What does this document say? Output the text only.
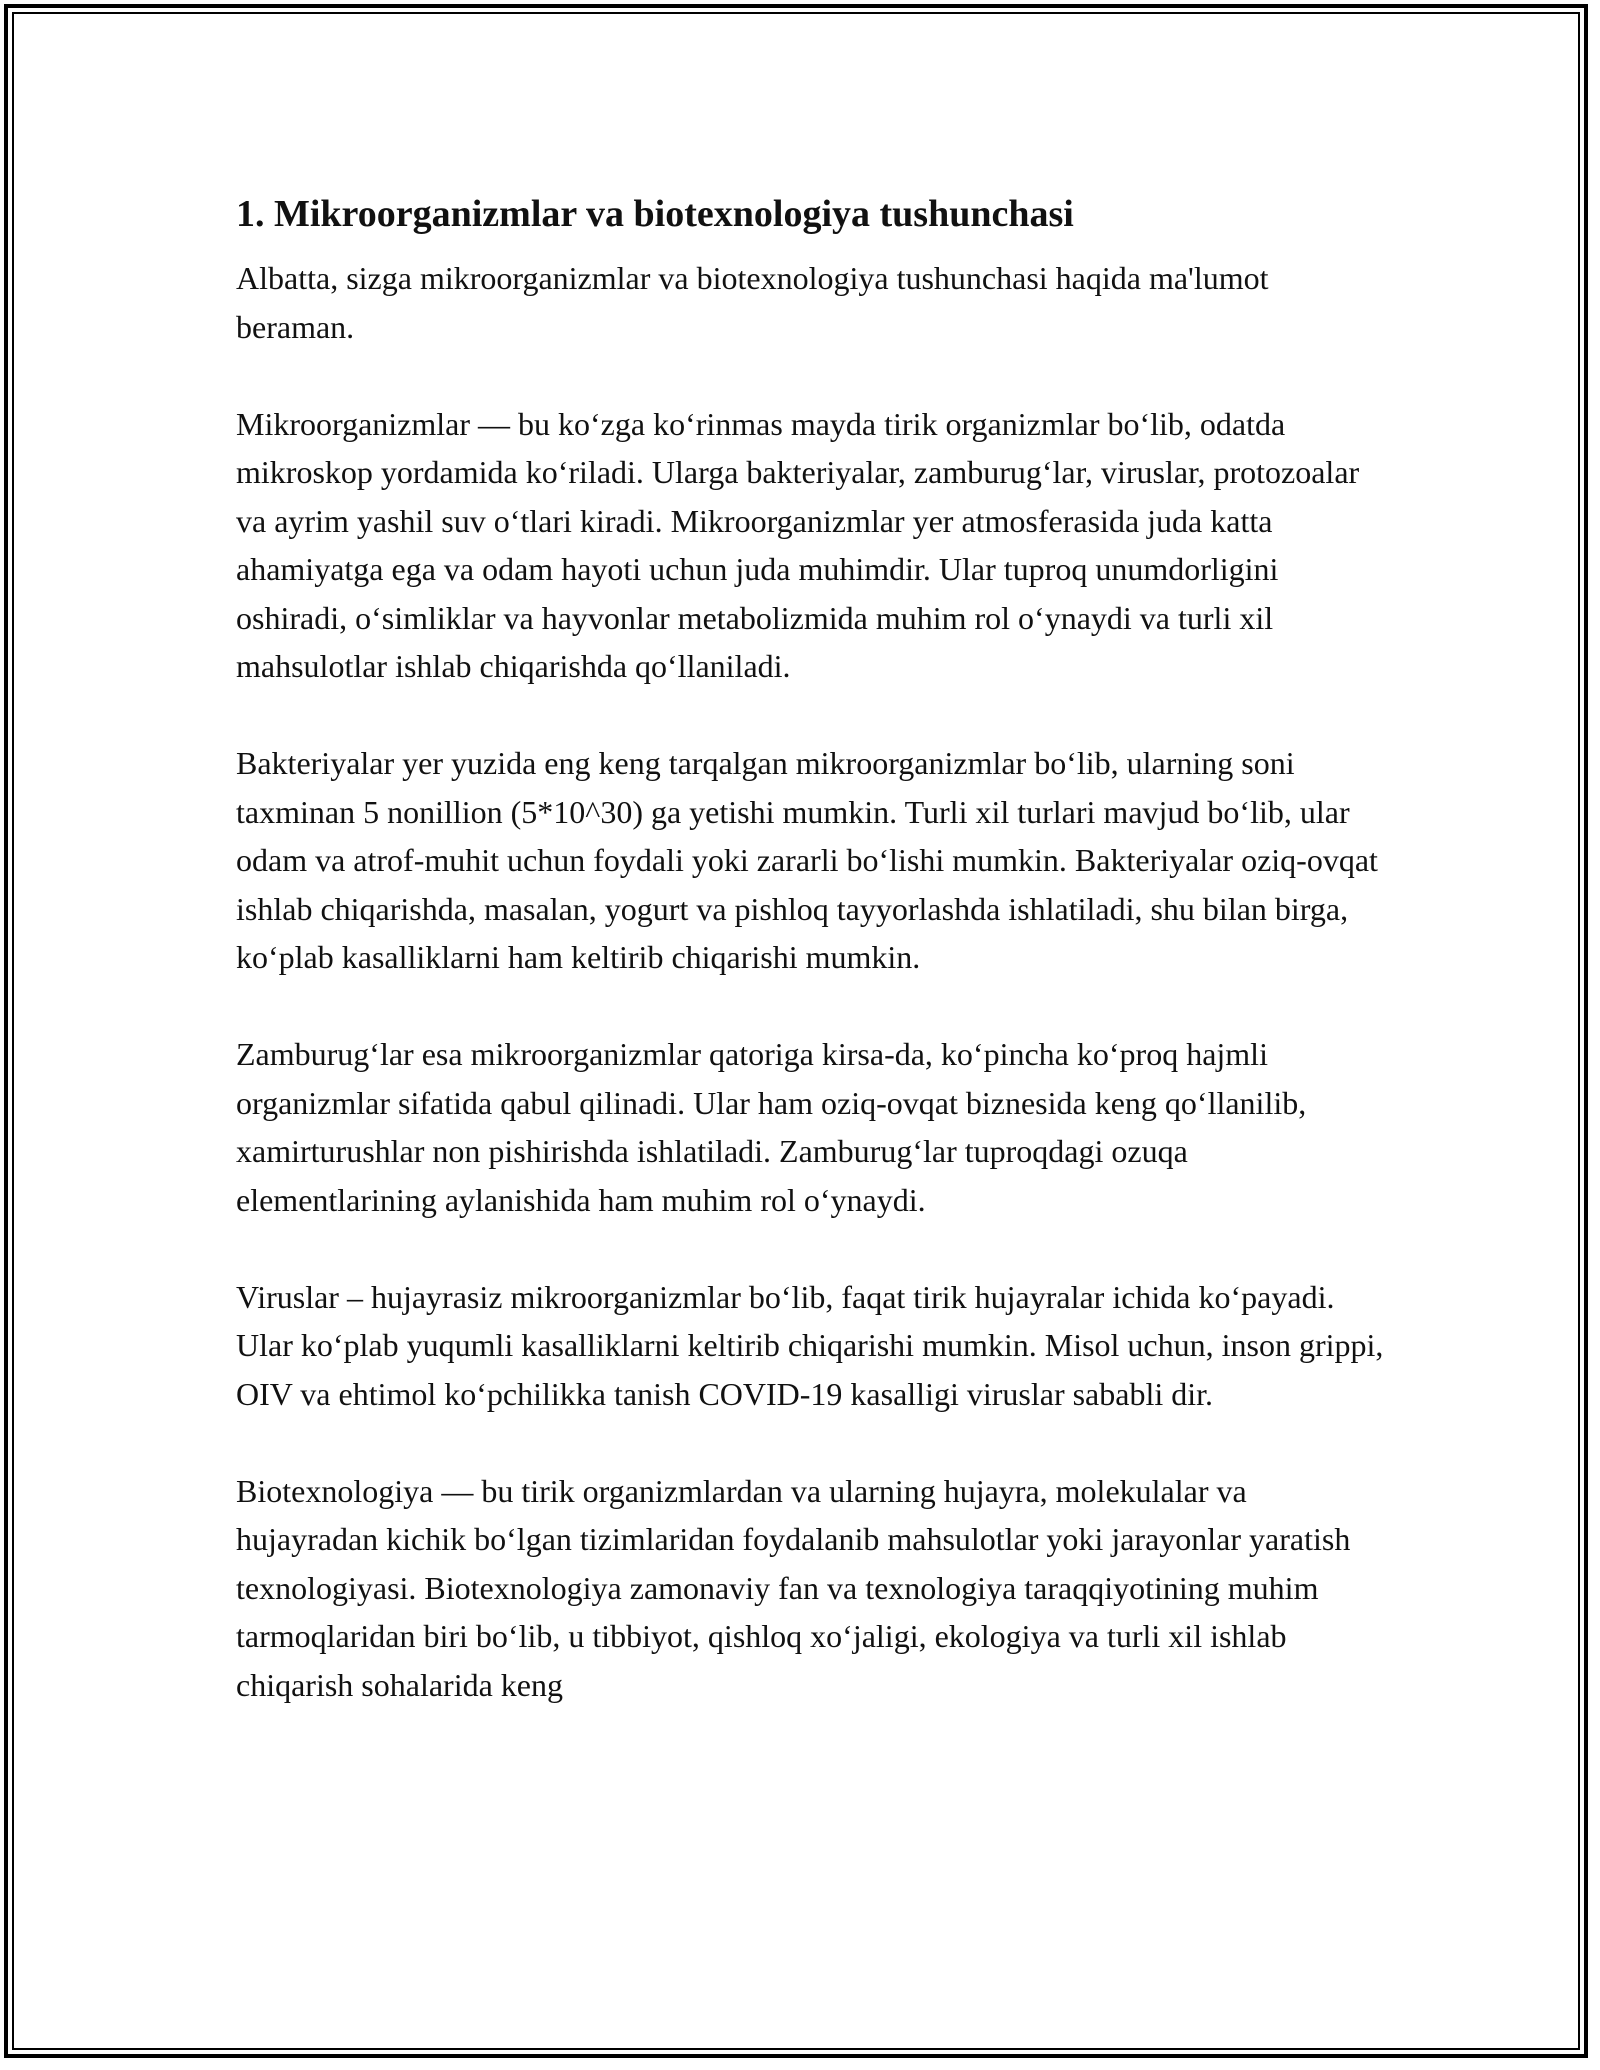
1. Mikroorganizmlar va biotexnologiya tushunchasi

Albatta, sizga mikroorganizmlar va biotexnologiya tushunchasi haqida ma'lumot beraman.

Mikroorganizmlar — bu koʻzga koʻrinmas mayda tirik organizmlar boʻlib, odatda mikroskop yordamida koʻriladi. Ularga bakteriyalar, zamburugʻlar, viruslar, protozoalar va ayrim yashil suv oʻtlari kiradi. Mikroorganizmlar yer atmosferasida juda katta ahamiyatga ega va odam hayoti uchun juda muhimdir. Ular tuproq unumdorligini oshiradi, oʻsimliklar va hayvonlar metabolizmida muhim rol oʻynaydi va turli xil mahsulotlar ishlab chiqarishda qoʻllaniladi.

Bakteriyalar yer yuzida eng keng tarqalgan mikroorganizmlar boʻlib, ularning soni taxminan 5 nonillion (5*10^30) ga yetishi mumkin. Turli xil turlari mavjud boʻlib, ular odam va atrof-muhit uchun foydali yoki zararli boʻlishi mumkin. Bakteriyalar oziq-ovqat ishlab chiqarishda, masalan, yogurt va pishloq tayyorlashda ishlatiladi, shu bilan birga, koʻplab kasalliklarni ham keltirib chiqarishi mumkin.

Zamburugʻlar esa mikroorganizmlar qatoriga kirsa-da, koʻpincha koʻproq hajmli organizmlar sifatida qabul qilinadi. Ular ham oziq-ovqat biznesida keng qoʻllanilib, xamirturushlar non pishirishda ishlatiladi. Zamburugʻlar tuproqdagi ozuqa elementlarining aylanishida ham muhim rol oʻynaydi.

Viruslar – hujayrasiz mikroorganizmlar boʻlib, faqat tirik hujayralar ichida koʻpayadi. Ular koʻplab yuqumli kasalliklarni keltirib chiqarishi mumkin. Misol uchun, inson grippi, OIV va ehtimol koʻpchilikka tanish COVID-19 kasalligi viruslar sababli dir.

Biotexnologiya — bu tirik organizmlardan va ularning hujayra, molekulalar va hujayradan kichik boʻlgan tizimlaridan foydalanib mahsulotlar yoki jarayonlar yaratish texnologiyasi. Biotexnologiya zamonaviy fan va texnologiya taraqqiyotining muhim tarmoqlaridan biri boʻlib, u tibbiyot, qishloq xoʻjaligi, ekologiya va turli xil ishlab chiqarish sohalarida keng
